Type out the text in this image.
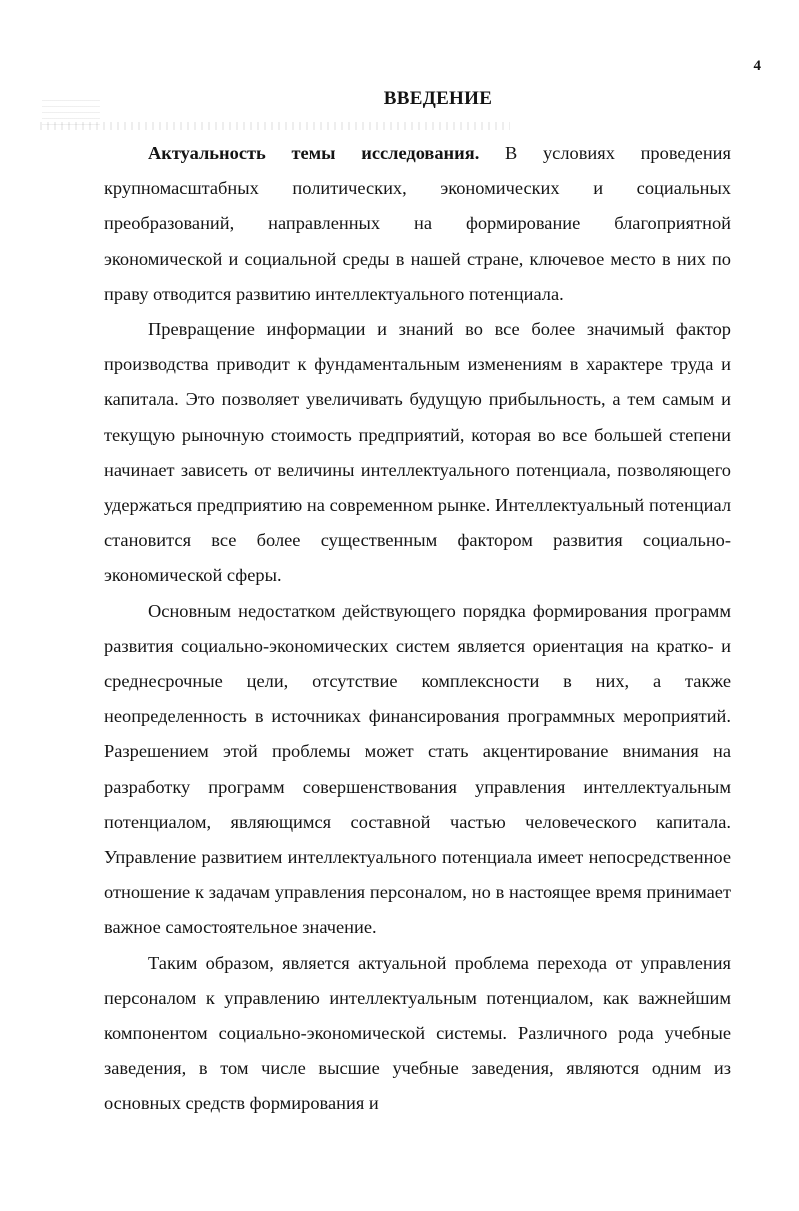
4
ВВЕДЕНИЕ

Актуальность темы исследования. В условиях проведения крупномасштабных политических, экономических и социальных преобразований, направленных на формирование благоприятной экономической и социальной среды в нашей стране, ключевое место в них по праву отводится развитию интеллектуального потенциала.

Превращение информации и знаний во все более значимый фактор производства приводит к фундаментальным изменениям в характере труда и капитала. Это позволяет увеличивать будущую прибыльность, а тем самым и текущую рыночную стоимость предприятий, которая во все большей степени начинает зависеть от величины интеллектуального потенциала, позволяющего удержаться предприятию на современном рынке. Интеллектуальный потенциал становится все более существенным фактором развития социально-экономической сферы.

Основным недостатком действующего порядка формирования программ развития социально-экономических систем является ориентация на кратко- и среднесрочные цели, отсутствие комплексности в них, а также неопределенность в источниках финансирования программных мероприятий. Разрешением этой проблемы может стать акцентирование внимания на разработку программ совершенствования управления интеллектуальным потенциалом, являющимся составной частью человеческого капитала. Управление развитием интеллектуального потенциала имеет непосредственное отношение к задачам управления персоналом, но в настоящее время принимает важное самостоятельное значение.

Таким образом, является актуальной проблема перехода от управления персоналом к управлению интеллектуальным потенциалом, как важнейшим компонентом социально-экономической системы. Различного рода учебные заведения, в том числе высшие учебные заведения, являются одним из основных средств формирования и
